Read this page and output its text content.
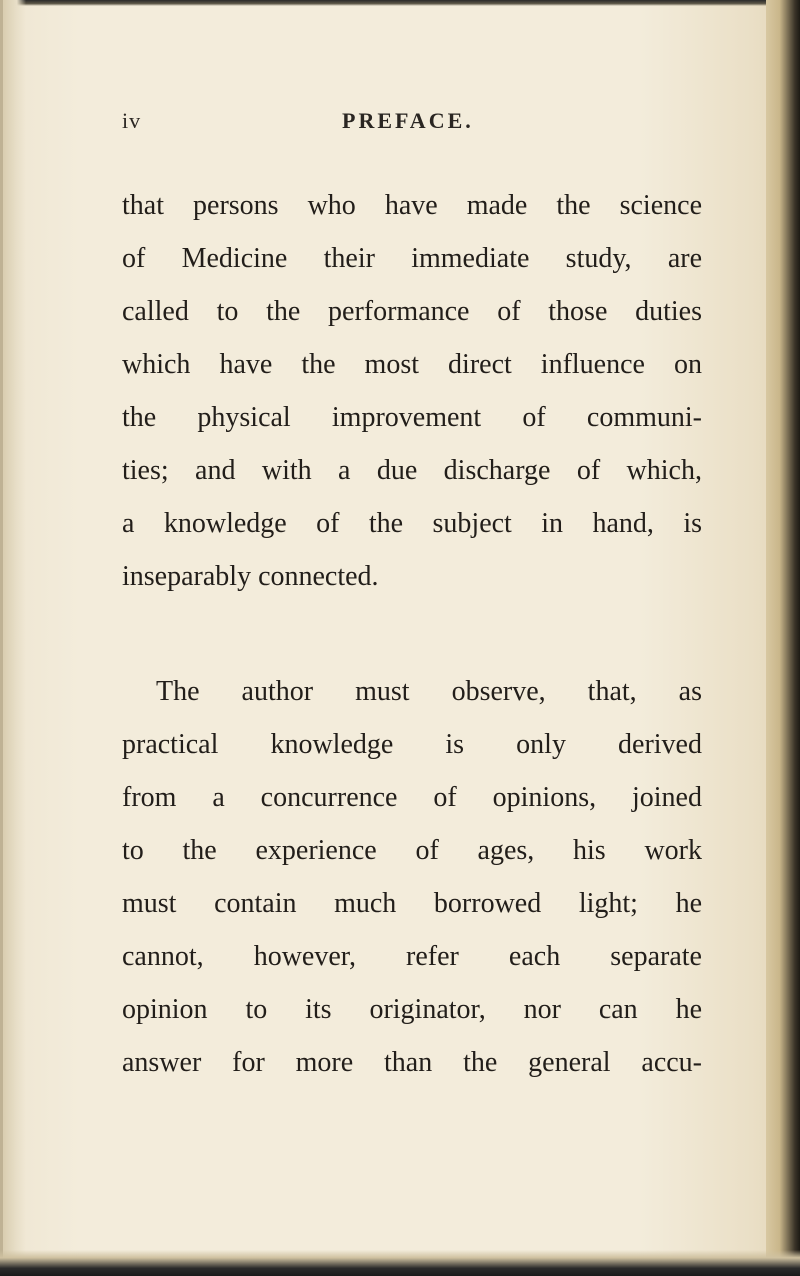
iv	PREFACE.
that persons who have made the science
of Medicine their immediate study, are
called to the performance of those duties
which have the most direct influence on
the physical improvement of communi-
ties; and with a due discharge of which,
a knowledge of the subject in hand, is
inseparably connected.
The author must observe, that, as
practical knowledge is only derived
from a concurrence of opinions, joined
to the experience of ages, his work
must contain much borrowed light; he
cannot, however, refer each separate
opinion to its originator, nor can he
answer for more than the general accu-
